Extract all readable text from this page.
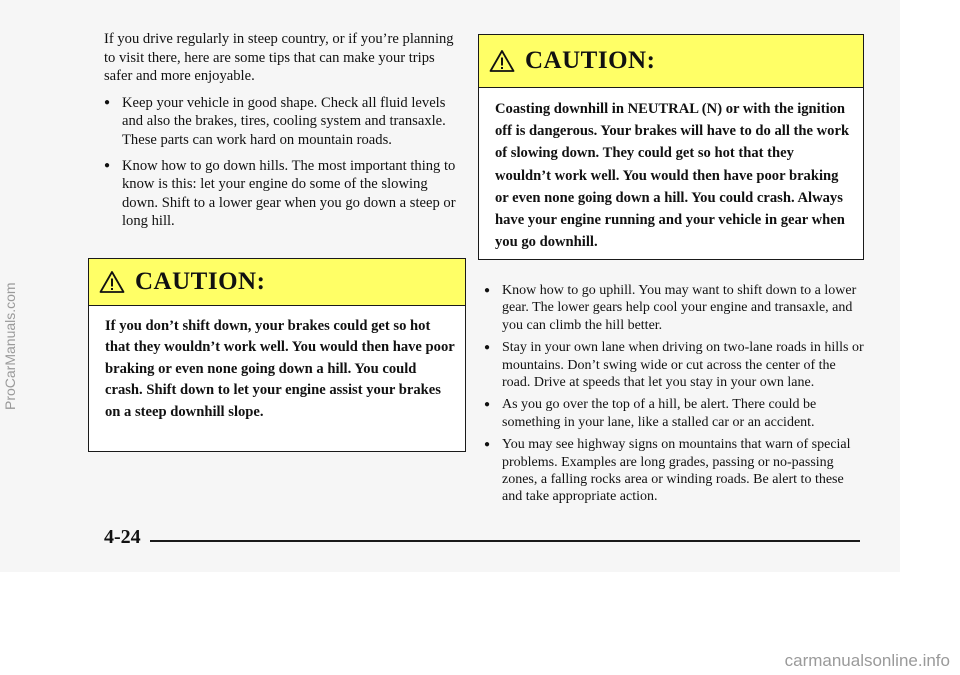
If you drive regularly in steep country, or if you’re planning to visit there, here are some tips that can make your trips safer and more enjoyable.

● Keep your vehicle in good shape. Check all fluid levels and also the brakes, tires, cooling system and transaxle. These parts can work hard on mountain roads.
● Know how to go down hills. The most important thing to know is this: let your engine do some of the slowing down. Shift to a lower gear when you go down a steep or long hill.
CAUTION:
If you don’t shift down, your brakes could get so hot that they wouldn’t work well. You would then have poor braking or even none going down a hill. You could crash. Shift down to let your engine assist your brakes on a steep downhill slope.
CAUTION:
Coasting downhill in NEUTRAL (N) or with the ignition off is dangerous. Your brakes will have to do all the work of slowing down. They could get so hot that they wouldn’t work well. You would then have poor braking or even none going down a hill. You could crash. Always have your engine running and your vehicle in gear when you go downhill.
● Know how to go uphill. You may want to shift down to a lower gear. The lower gears help cool your engine and transaxle, and you can climb the hill better.
● Stay in your own lane when driving on two-lane roads in hills or mountains. Don’t swing wide or cut across the center of the road. Drive at speeds that let you stay in your own lane.
● As you go over the top of a hill, be alert. There could be something in your lane, like a stalled car or an accident.
● You may see highway signs on mountains that warn of special problems. Examples are long grades, passing or no-passing zones, a falling rocks area or winding roads. Be alert to these and take appropriate action.
4-24
ProCarManuals.com
carmanualsonline.info
